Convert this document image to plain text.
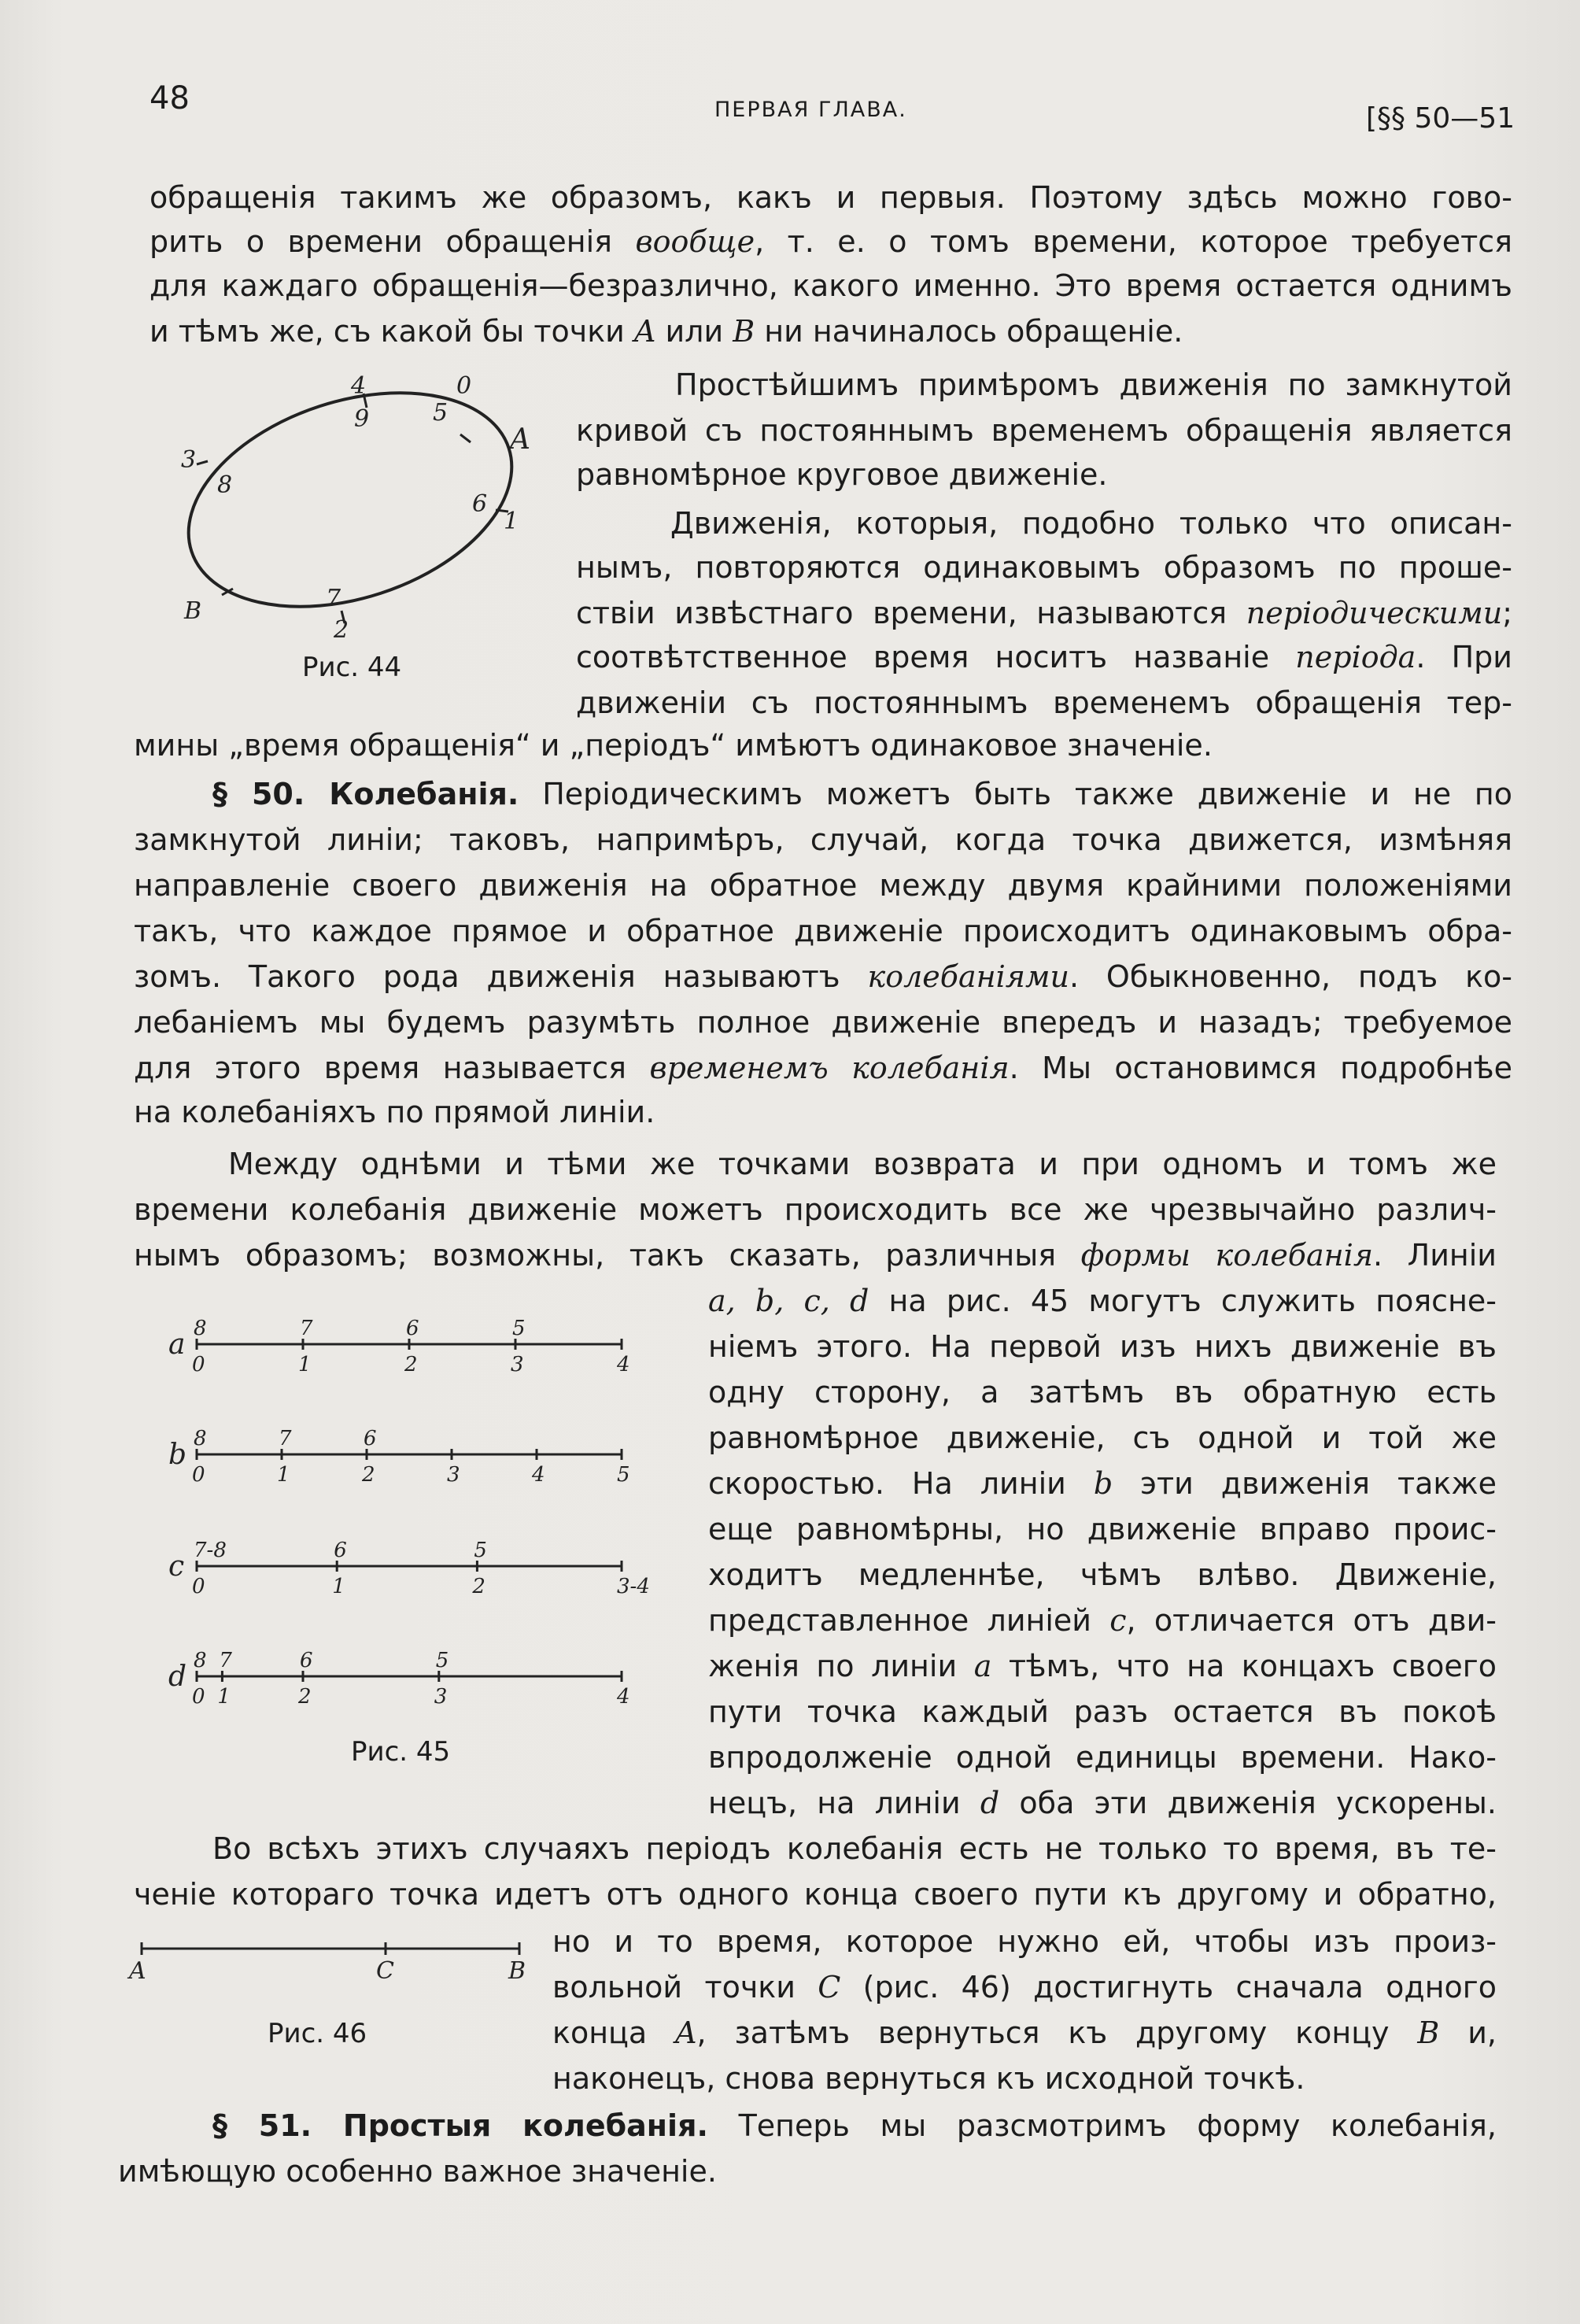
48	ПЕРВАЯ ГЛАВА.	[§§ 50—51
обращенія такимъ же образомъ, какъ и первыя. Поэтому здѣсь можно гово-
рить о времени обращенія вообще, т. е. о томъ времени, которое требуется
для каждаго обращенія—безразлично, какого именно. Это время остается однимъ
и тѣмъ же, съ какой бы точки A или B ни начиналось обращеніе.
Простѣйшимъ примѣромъ движенія по замкнутой
кривой съ постояннымъ временемъ обращенія является
равномѣрное круговое движеніе.
Движенія, которыя, подобно только что описан-
нымъ, повторяются одинаковымъ образомъ по проше-
ствіи извѣстнаго времени, называются періодическими;
соотвѣтственное время носитъ названіе періода. При
движеніи съ постояннымъ временемъ обращенія тер-
мины „время обращенія“ и „періодъ“ имѣютъ одинаковое значеніе.
§ 50. Колебанія. Періодическимъ можетъ быть также движеніе и не по
замкнутой линіи; таковъ, напримѣръ, случай, когда точка движется, измѣняя
направленіе своего движенія на обратное между двумя крайними положеніями
такъ, что каждое прямое и обратное движеніе происходитъ одинаковымъ обра-
зомъ. Такого рода движенія называютъ колебаніями. Обыкновенно, подъ ко-
лебаніемъ мы будемъ разумѣть полное движеніе впередъ и назадъ; требуемое
для этого время называется временемъ колебанія. Мы остановимся подробнѣе
на колебаніяхъ по прямой линіи.
Между однѣми и тѣми же точками возврата и при одномъ и томъ же
времени колебанія движеніе можетъ происходить все же чрезвычайно различ-
нымъ образомъ; возможны, такъ сказать, различныя формы колебанія. Линіи
a, b, c, d на рис. 45 могутъ служить поясне-
ніемъ этого. На первой изъ нихъ движеніе въ
одну сторону, а затѣмъ въ обратную есть
равномѣрное движеніе, съ одной и той же
скоростью. На линіи b эти движенія также
еще равномѣрны, но движеніе вправо проис-
ходитъ медленнѣе, чѣмъ влѣво. Движеніе,
представленное линіей c, отличается отъ дви-
женія по линіи a тѣмъ, что на концахъ своего
пути точка каждый разъ остается въ покоѣ
впродолженіе одной единицы времени. Нако-
нецъ, на линіи d оба эти движенія ускорены.
Во всѣхъ этихъ случаяхъ періодъ колебанія есть не только то время, въ те-
ченіе котораго точка идетъ отъ одного конца своего пути къ другому и обратно,
но и то время, которое нужно ей, чтобы изъ произ-
вольной точки C (рис. 46) достигнуть сначала одного
конца A, затѣмъ вернуться къ другому концу B и,
наконецъ, снова вернуться къ исходной точкѣ.
§ 51. Простыя колебанія. Теперь мы разсмотримъ форму колебанія,
имѣющую особенно важное значеніе.
4
9
0
5
A
3
8
6
1
B	7
2
Рис. 44
a
0	1	2	3	4
8	7	6	5
b
0	1	2	3	4	5
8	7	6
c
0	1	2	3-4
7-8	6	5
d
0 1	2	3	4
8 7	6	5
Рис. 45
A	C	B
Рис. 46
